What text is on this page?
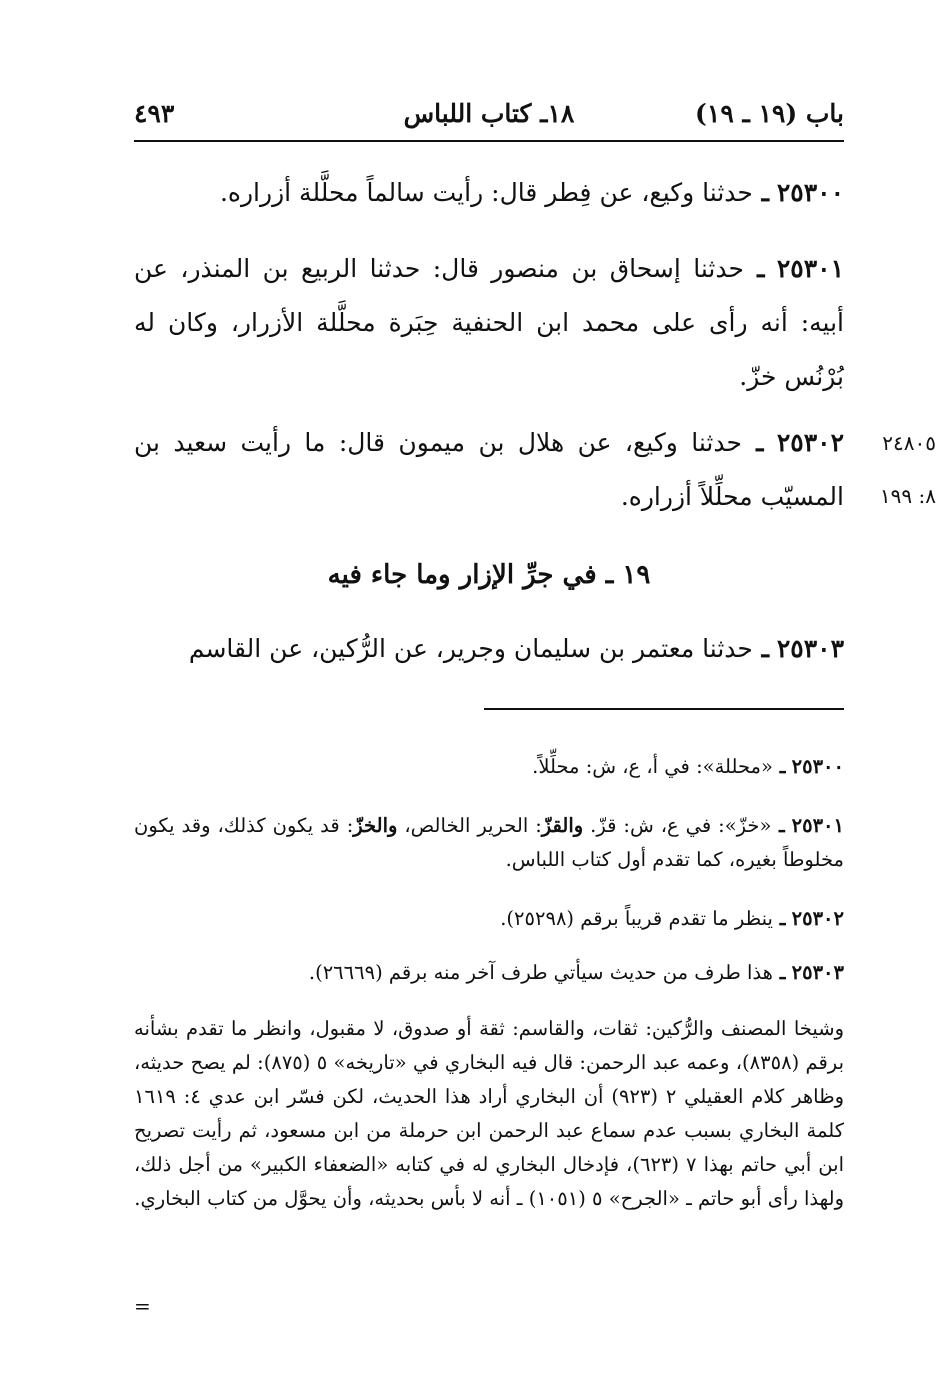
باب (١٩ ـ ١٩)
١٨ـ كتاب اللباس
٤٩٣

٢٥٣٠٠ ـ حدثنا وكيع، عن فِطر قال: رأيت سالماً محلَّلة أزراره.

٢٥٣٠١ ـ حدثنا إسحاق بن منصور قال: حدثنا الربيع بن المنذر، عن أبيه: أنه رأى على محمد ابن الحنفية حِبَرة محلَّلة الأزرار، وكان له بُرْنُس خزّ.

٢٥٣٠٢ ـ حدثنا وكيع، عن هلال بن ميمون قال: ما رأيت سعيد بن المسيّب محلِّلاً أزراره.

١٩ ـ في جرِّ الإزار وما جاء فيه

٢٥٣٠٣ ـ حدثنا معتمر بن سليمان وجرير، عن الرُّكين، عن القاسم

٢٤٨٠٥
٨: ١٩٩

٢٥٣٠٠ ـ «محللة»: في أ، ع، ش: محلِّلاً.

٢٥٣٠١ ـ «خزّ»: في ع، ش: قزّ. والقزّ: الحرير الخالص، والخزّ: قد يكون كذلك، وقد يكون مخلوطاً بغيره، كما تقدم أول كتاب اللباس.

٢٥٣٠٢ ـ ينظر ما تقدم قريباً برقم (٢٥٢٩٨).

٢٥٣٠٣ ـ هذا طرف من حديث سيأتي طرف آخر منه برقم (٢٦٦٦٩).

وشيخا المصنف والرُّكين: ثقات، والقاسم: ثقة أو صدوق، لا مقبول، وانظر ما تقدم بشأنه برقم (٨٣٥٨)، وعمه عبد الرحمن: قال فيه البخاري في «تاريخه» ٥ (٨٧٥): لم يصح حديثه، وظاهر كلام العقيلي ٢ (٩٢٣) أن البخاري أراد هذا الحديث، لكن فسّر ابن عدي ٤: ١٦١٩ كلمة البخاري بسبب عدم سماع عبد الرحمن ابن حرملة من ابن مسعود، ثم رأيت تصريح ابن أبي حاتم بهذا ٧ (٦٢٣)، فإدخال البخاري له في كتابه «الضعفاء الكبير» من أجل ذلك، ولهذا رأى أبو حاتم ـ «الجرح» ٥ (١٠٥١) ـ أنه لا بأس بحديثه، وأن يحوَّل من كتاب البخاري.

=
